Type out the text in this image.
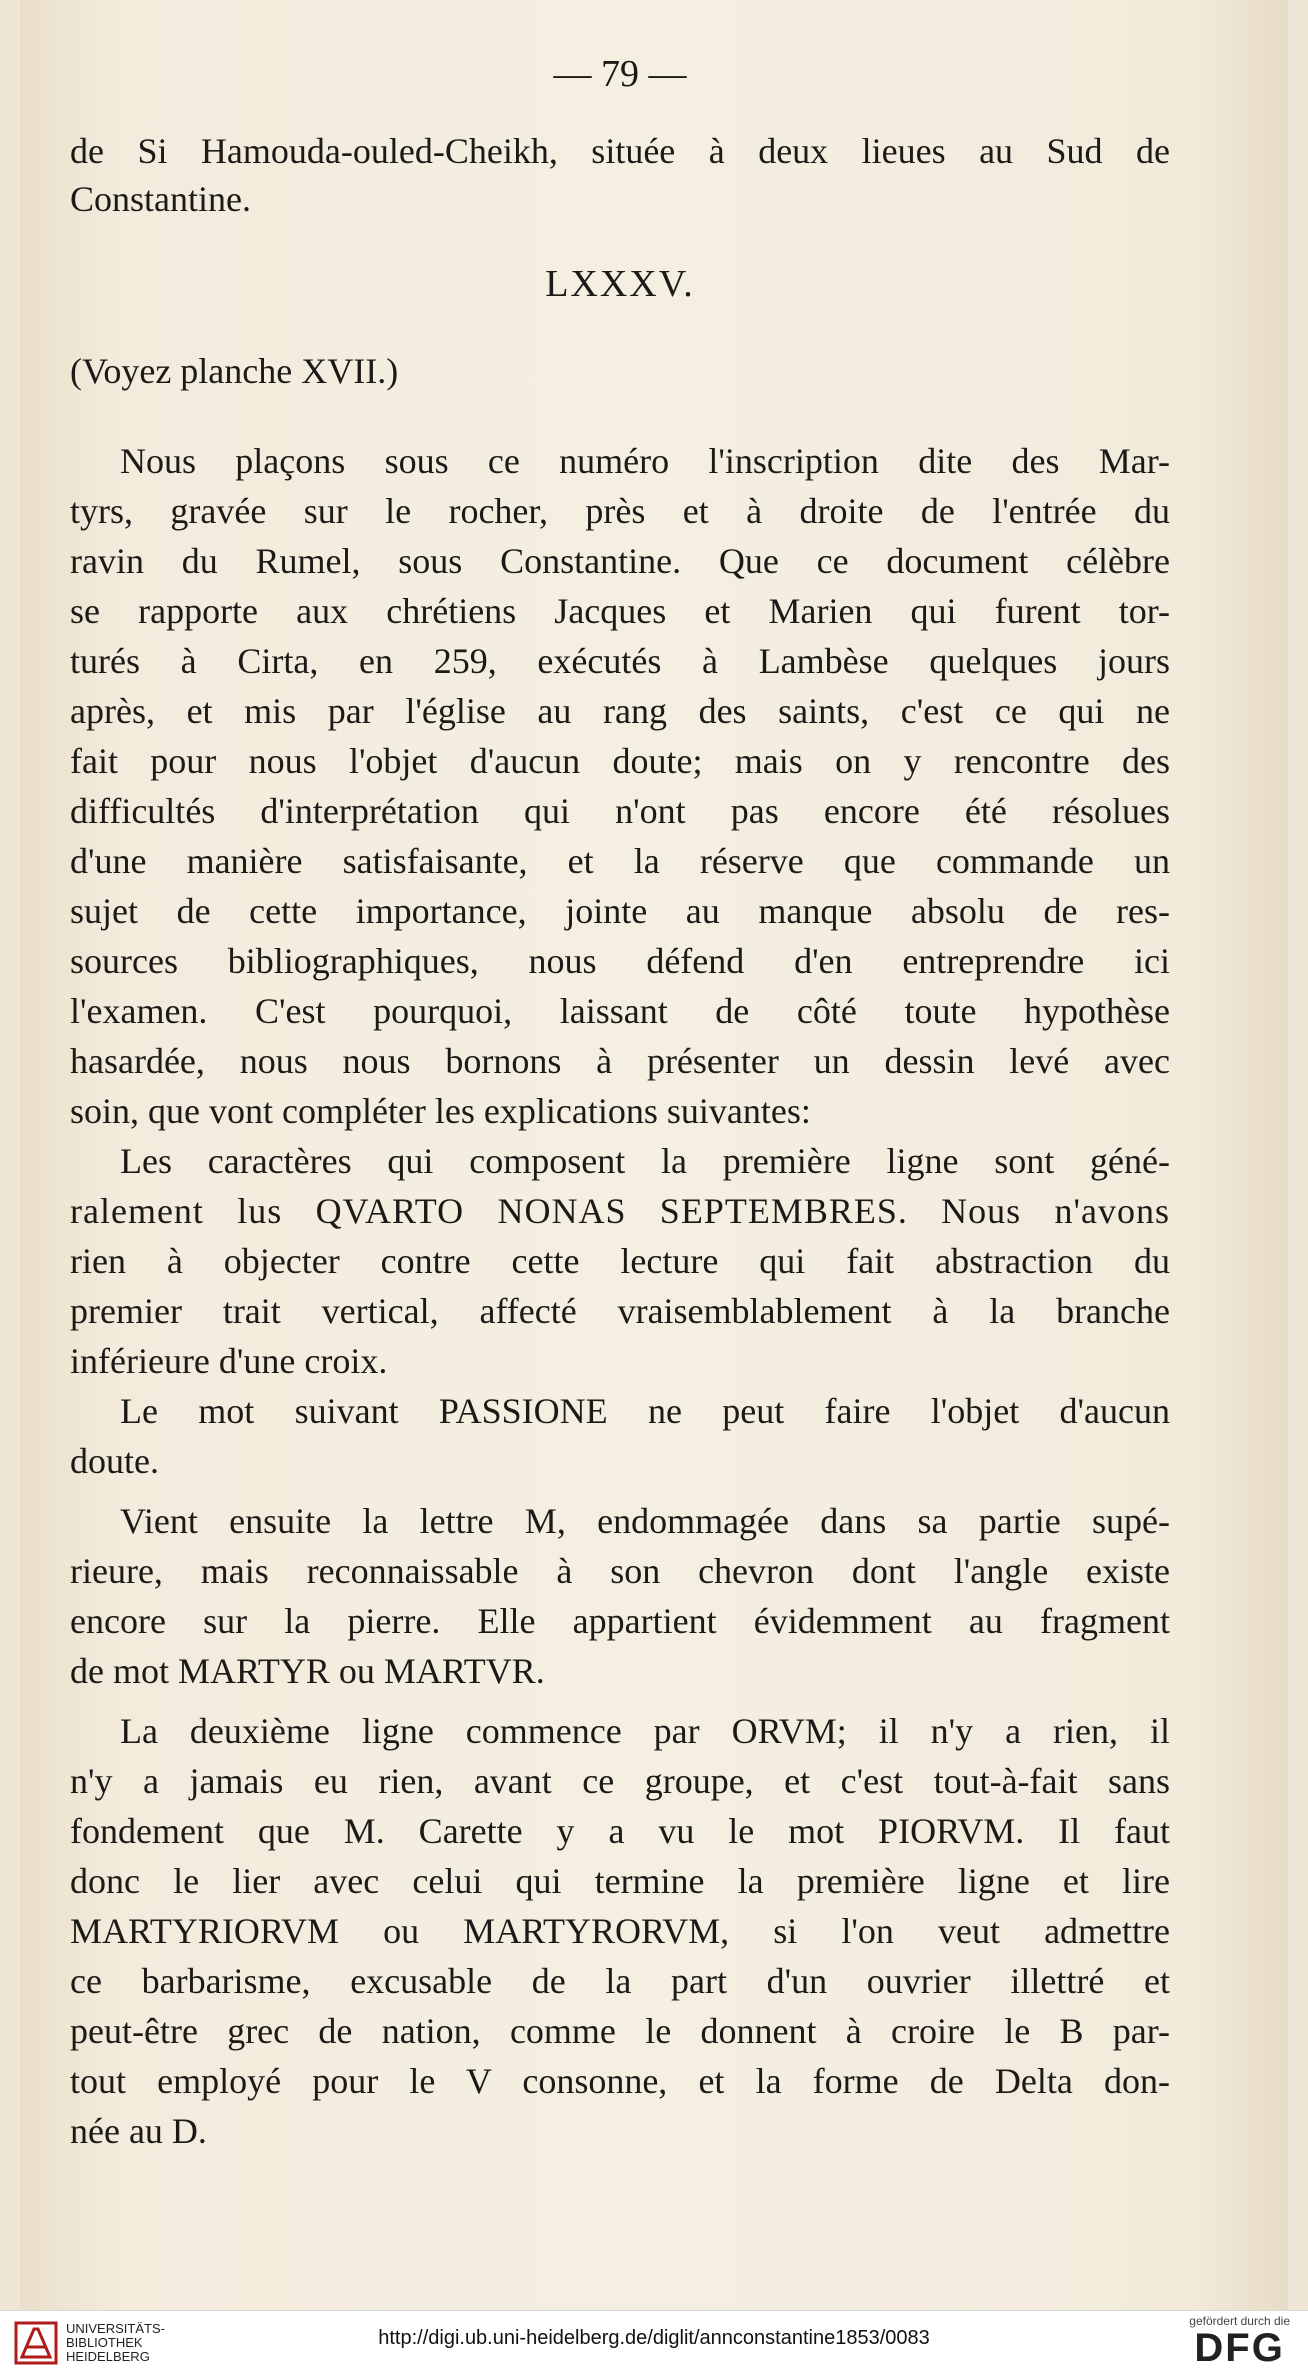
— 79 —
de Si Hamouda-ouled-Cheikh, située à deux lieues au Sud de
Constantine.
LXXXV.
(Voyez planche XVII.)
Nous plaçons sous ce numéro l'inscription dite des Mar-
tyrs, gravée sur le rocher, près et à droite de l'entrée du
ravin du Rumel, sous Constantine. Que ce document célèbre
se rapporte aux chrétiens Jacques et Marien qui furent tor-
turés à Cirta, en 259, exécutés à Lambèse quelques jours
après, et mis par l'église au rang des saints, c'est ce qui ne
fait pour nous l'objet d'aucun doute; mais on y rencontre des
difficultés d'interprétation qui n'ont pas encore été résolues
d'une manière satisfaisante, et la réserve que commande un
sujet de cette importance, jointe au manque absolu de res-
sources bibliographiques, nous défend d'en entreprendre ici
l'examen. C'est pourquoi, laissant de côté toute hypothèse
hasardée, nous nous bornons à présenter un dessin levé avec
soin, que vont compléter les explications suivantes:
Les caractères qui composent la première ligne sont géné-
ralement lus QVARTO NONAS SEPTEMBRES. Nous n'avons
rien à objecter contre cette lecture qui fait abstraction du
premier trait vertical, affecté vraisemblablement à la branche
inférieure d'une croix.
Le mot suivant PASSIONE ne peut faire l'objet d'aucun
doute.
Vient ensuite la lettre M, endommagée dans sa partie supé-
rieure, mais reconnaissable à son chevron dont l'angle existe
encore sur la pierre. Elle appartient évidemment au fragment
de mot MARTYR ou MARTVR.
La deuxième ligne commence par ORVM; il n'y a rien, il
n'y a jamais eu rien, avant ce groupe, et c'est tout-à-fait sans
fondement que M. Carette y a vu le mot PIORVM. Il faut
donc le lier avec celui qui termine la première ligne et lire
MARTYRIORVM ou MARTYRORVM, si l'on veut admettre
ce barbarisme, excusable de la part d'un ouvrier illettré et
peut-être grec de nation, comme le donnent à croire le B par-
tout employé pour le V consonne, et la forme de Delta don-
née au D.
UNIVERSITÄTS-
BIBLIOTHEK
HEIDELBERG
http://digi.ub.uni-heidelberg.de/diglit/annconstantine1853/0083
gefördert durch die
DFG
